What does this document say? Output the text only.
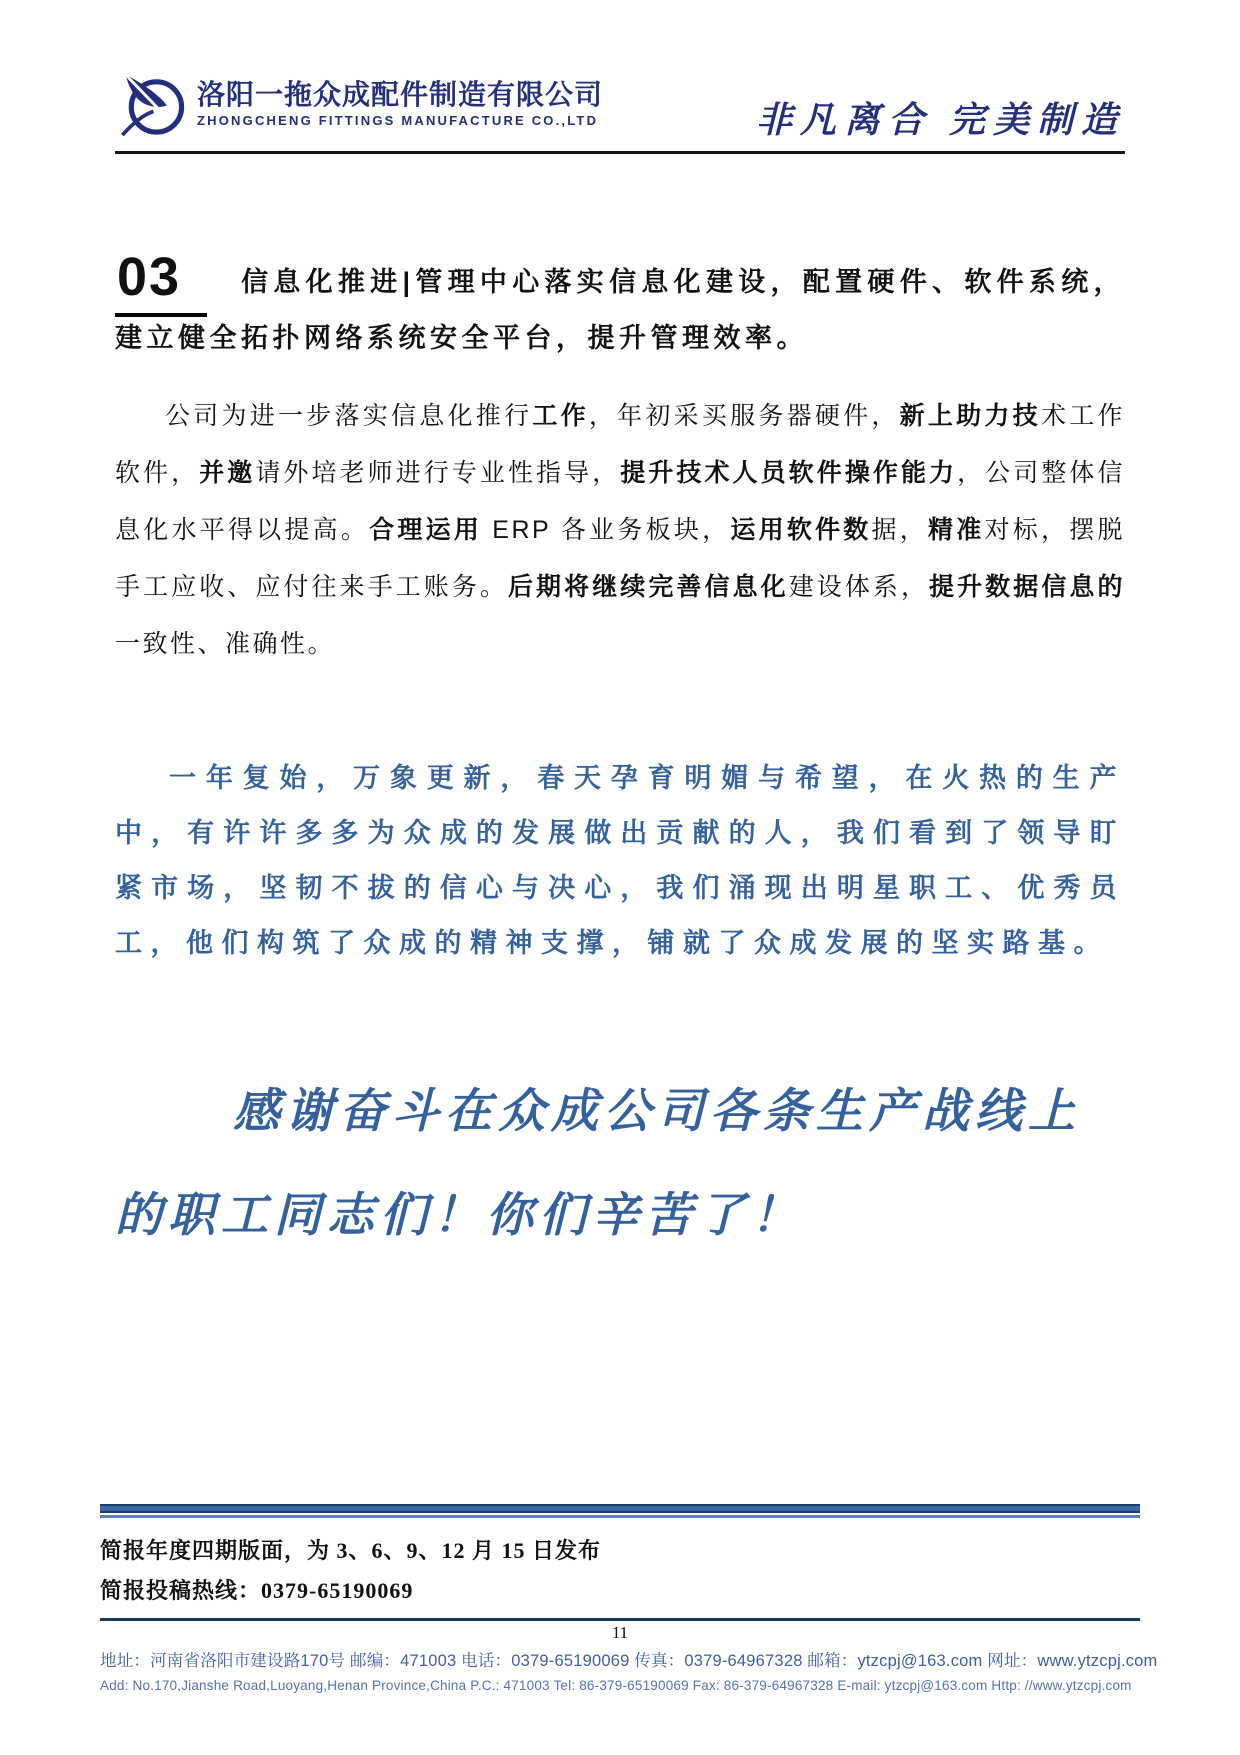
洛阳一拖众成配件制造有限公司
ZHONGCHENG FITTINGS MANUFACTURE CO.,LTD	非凡离合 完美制造
03	信息化推进|管理中心落实信息化建设，配置硬件、软件系统，建立健全拓扑网络系统安全平台，提升管理效率。

公司为进一步落实信息化推行工作，年初采买服务器硬件，新上助力技术工作软件，并邀请外培老师进行专业性指导，提升技术人员软件操作能力，公司整体信息化水平得以提高。合理运用 ERP 各业务板块，运用软件数据，精准对标，摆脱手工应收、应付往来手工账务。后期将继续完善信息化建设体系，提升数据信息的一致性、准确性。

一年复始，万象更新，春天孕育明媚与希望，在火热的生产中，有许许多多为众成的发展做出贡献的人，我们看到了领导盯紧市场，坚韧不拔的信心与决心，我们涌现出明星职工、优秀员工，他们构筑了众成的精神支撑，铺就了众成发展的坚实路基。

感谢奋斗在众成公司各条生产战线上的职工同志们！你们辛苦了！

简报年度四期版面，为 3、6、9、12 月 15 日发布
简报投稿热线：0379-65190069
11
地址：河南省洛阳市建设路170号 邮编：471003 电话：0379-65190069 传真：0379-64967328 邮箱：ytzcpj@163.com 网址：www.ytzcpj.com
Add: No.170,Jianshe Road,Luoyang,Henan Province,China P.C.: 471003 Tel: 86-379-65190069 Fax: 86-379-64967328 E-mail: ytzcpj@163.com Http: //www.ytzcpj.com
